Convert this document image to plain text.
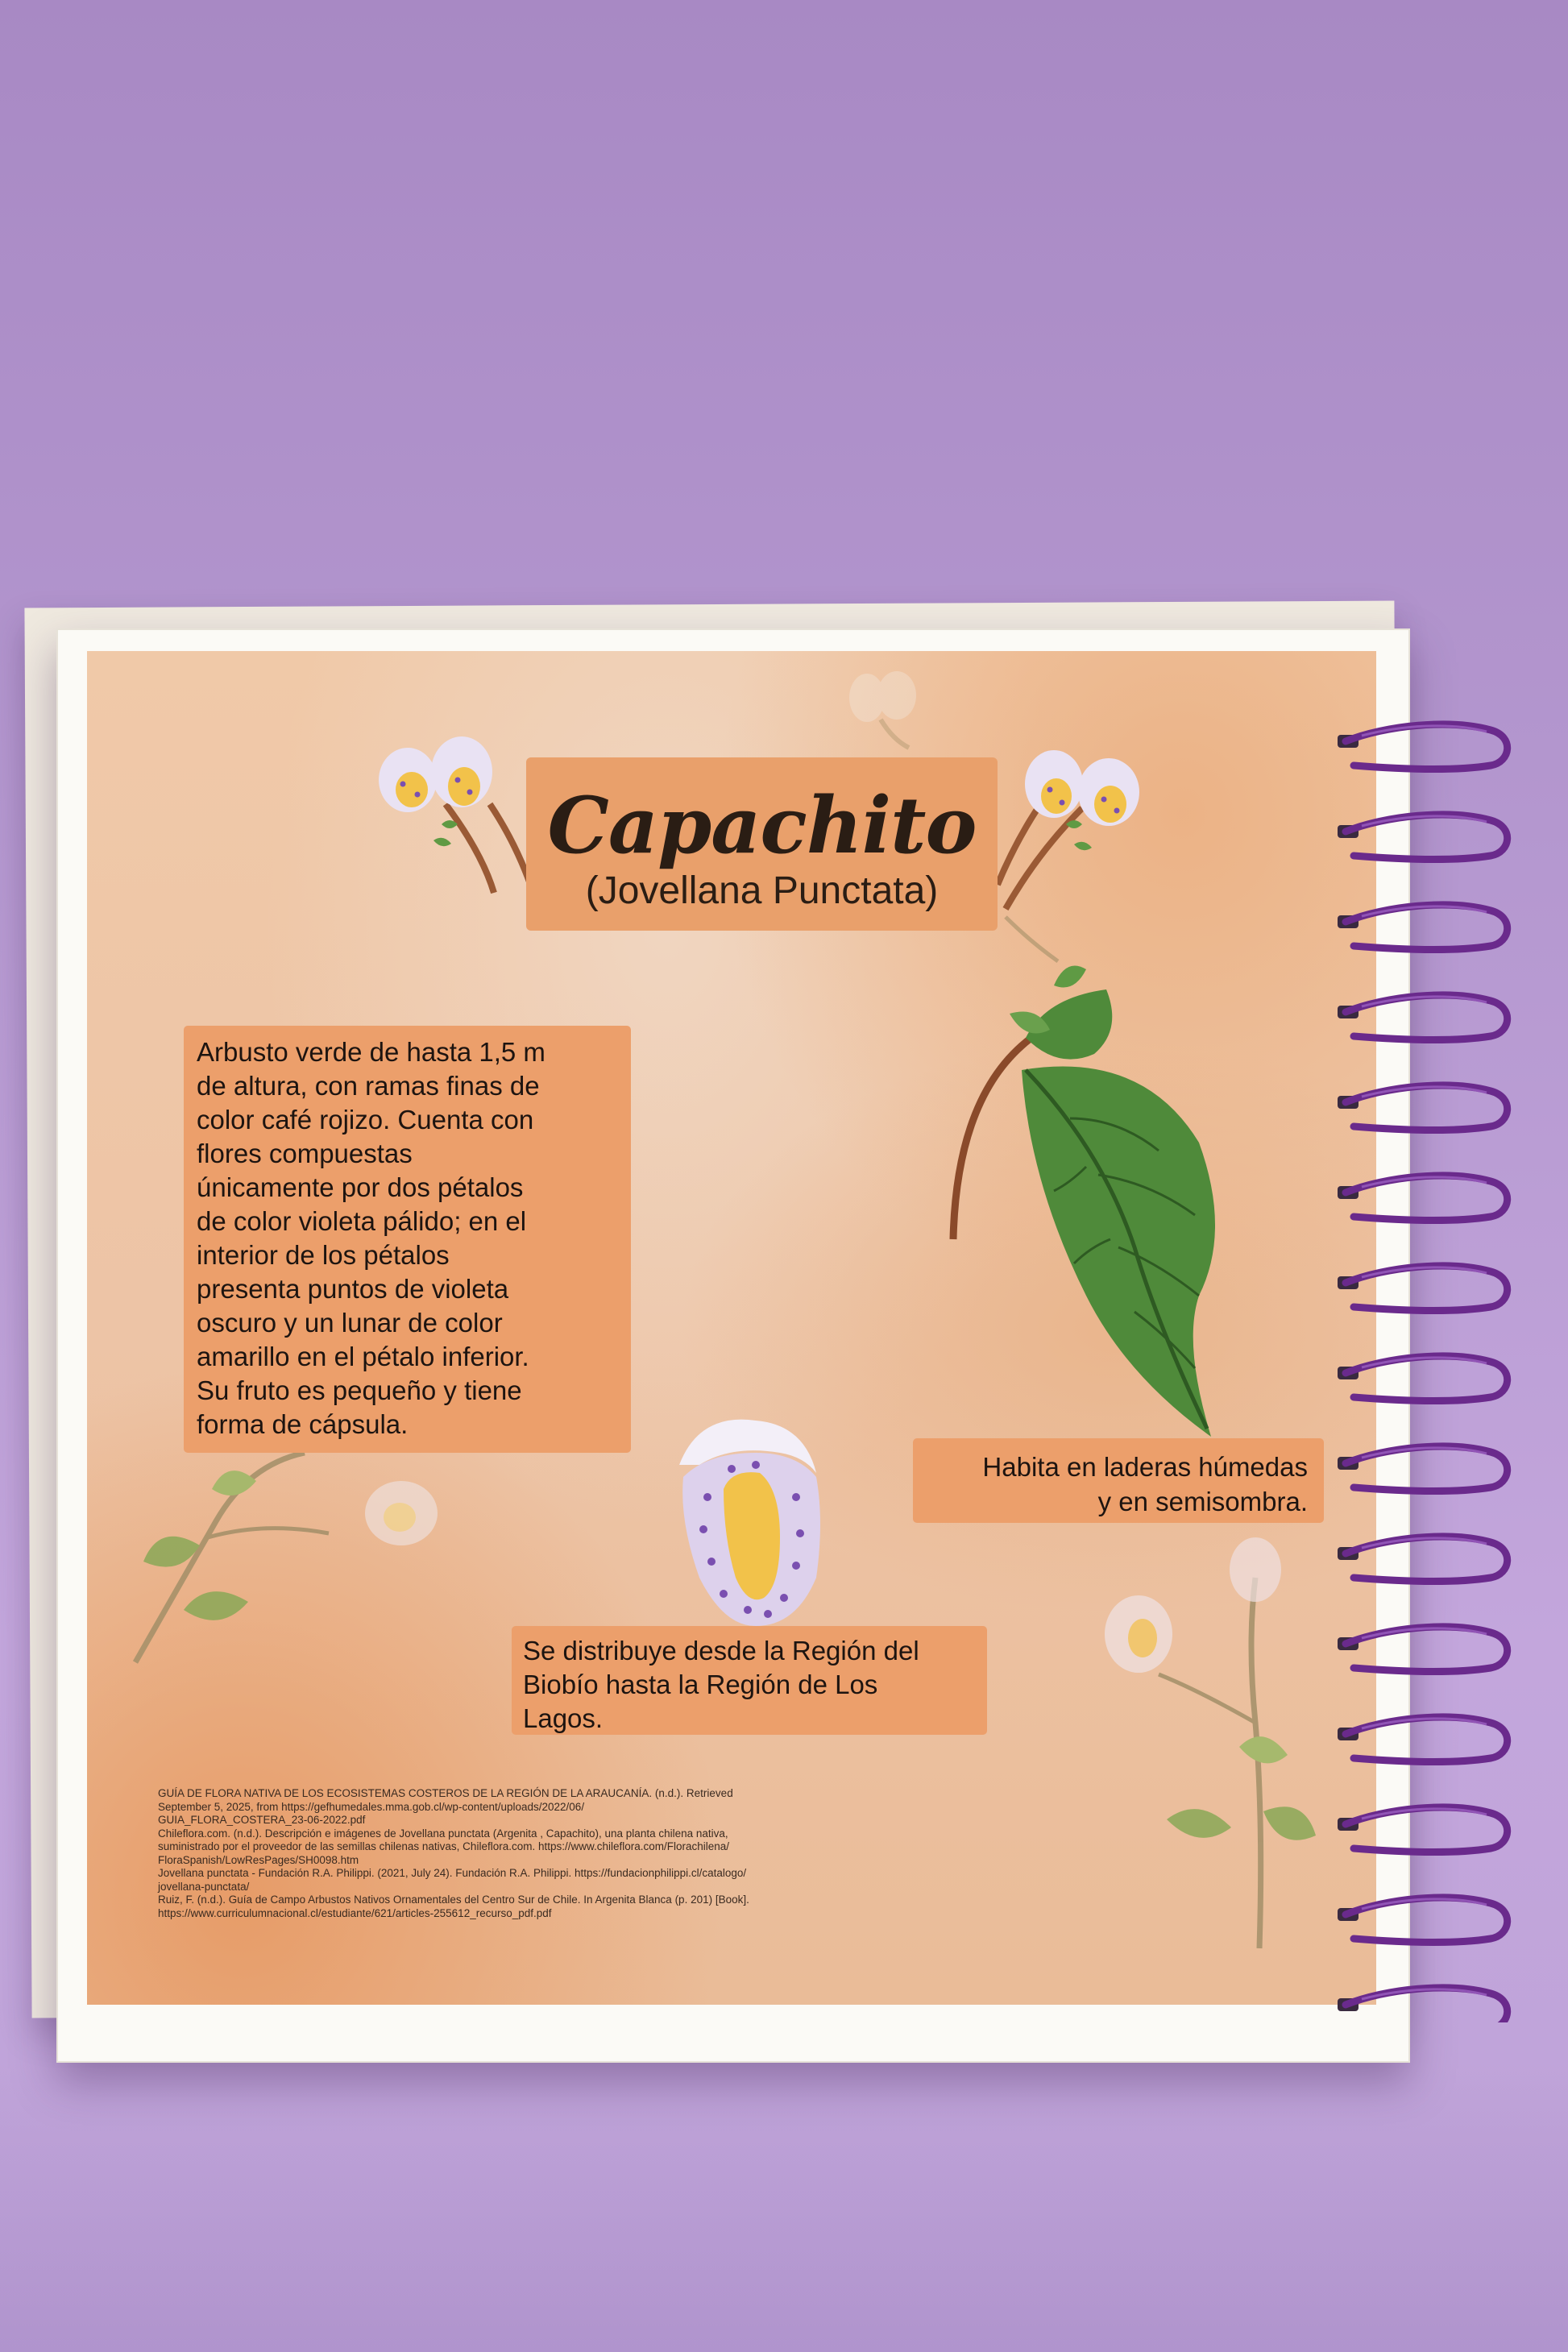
Capachito
(Jovellana Punctata)
Arbusto verde de hasta 1,5 m
de altura, con ramas finas de
color café rojizo. Cuenta con
flores compuestas
únicamente por dos pétalos
de color violeta pálido; en el
interior de los pétalos
presenta puntos de violeta
oscuro y un lunar de color
amarillo en el pétalo inferior.
Su fruto es pequeño y tiene
forma de cápsula.
Habita en laderas húmedas
y en semisombra.
Se distribuye desde la Región del
Biobío hasta la Región de Los
Lagos.
GUÍA DE FLORA NATIVA DE LOS ECOSISTEMAS COSTEROS DE LA REGIÓN DE LA ARAUCANÍA. (n.d.). Retrieved
September 5, 2025, from https://gefhumedales.mma.gob.cl/wp-content/uploads/2022/06/
GUIA_FLORA_COSTERA_23-06-2022.pdf
Chileflora.com. (n.d.). Descripción e imágenes de Jovellana punctata (Argenita , Capachito), una planta chilena nativa,
suministrado por el proveedor de las semillas chilenas nativas, Chileflora.com. https://www.chileflora.com/Florachilena/
FloraSpanish/LowResPages/SH0098.htm
Jovellana punctata - Fundación R.A. Philippi. (2021, July 24). Fundación R.A. Philippi. https://fundacionphilippi.cl/catalogo/
jovellana-punctata/
Ruiz, F. (n.d.). Guía de Campo Arbustos Nativos Ornamentales del Centro Sur de Chile. In Argenita Blanca (p. 201) [Book].
https://www.curriculumnacional.cl/estudiante/621/articles-255612_recurso_pdf.pdf
